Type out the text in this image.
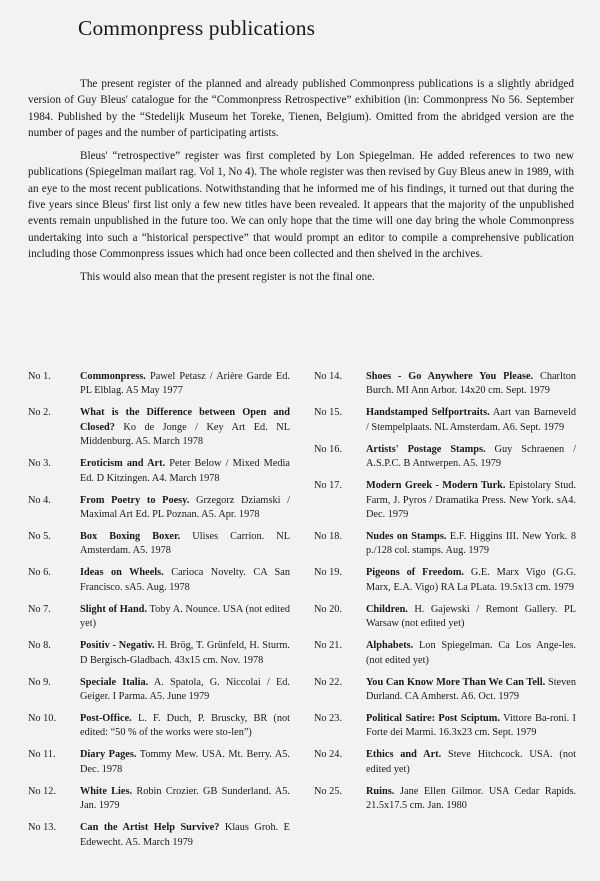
Commonpress publications

The present register of the planned and already published Commonpress publications is a slightly abridged version of Guy Bleus' catalogue for the “Commonpress Retrospective” exhibition (in: Commonpress No 56. September 1984. Published by the “Stedelijk Museum het Toreke, Tienen, Belgium). Omitted from the abridged version are the number of pages and the number of participating artists.

Bleus' “retrospective” register was first completed by Lon Spiegelman. He added references to two new publications (Spiegelman mailart rag. Vol 1, No 4). The whole register was then revised by Guy Bleus anew in 1989, with an eye to the most recent publications. Notwithstanding that he informed me of his findings, it turned out that during the five years since Bleus' first list only a few new titles have been revealed. It appears that the majority of the unpublished events remain unpublished in the future too. We can only hope that the time will one day bring the whole Commonpress undertaking into such a “historical perspective” that would prompt an editor to compile a comprehensive publication including those Commonpress issues which had once been collected and then shelved in the archives.

This would also mean that the present register is not the final one.

No 1.	Commonpress. Pawel Petasz / Arière Garde Ed. PL Elblag. A5 May 1977
No 2.	What is the Difference between Open and Closed? Ko de Jonge / Key Art Ed. NL Middenburg. A5. March 1978
No 3.	Eroticism and Art. Peter Below / Mixed Media Ed. D Kitzingen. A4. March 1978
No 4.	From Poetry to Poesy. Grzegorz Dziamski / Maximal Art Ed. PL Poznan. A5. Apr. 1978
No 5.	Box Boxing Boxer. Ulises Carrion. NL Amsterdam. A5. 1978
No 6.	Ideas on Wheels. Carioca Novelty. CA San Francisco. sA5. Aug. 1978
No 7.	Slight of Hand. Toby A. Nounce. USA (not edited yet)
No 8.	Positiv - Negativ. H. Brög, T. Grünfeld, H. Sturm. D Bergisch-Gladbach. 43x15 cm. Nov. 1978
No 9.	Speciale Italia. A. Spatola, G. Niccolai / Ed. Geiger. I Parma. A5. June 1979
No 10.	Post-Office. L. F. Duch, P. Bruscky, BR (not edited: “50 % of the works were sto-len”)
No 11.	Diary Pages. Tommy Mew. USA. Mt. Berry. A5. Dec. 1978
No 12.	White Lies. Robin Crozier. GB Sunderland. A5. Jan. 1979
No 13.	Can the Artist Help Survive? Klaus Groh. E Edewecht. A5. March 1979
No 14.	Shoes - Go Anywhere You Please. Charlton Burch. MI Ann Arbor. 14x20 cm. Sept. 1979
No 15.	Handstamped Selfportraits. Aart van Barneveld / Stempelplaats. NL Amsterdam. A6. Sept. 1979
No 16.	Artists' Postage Stamps. Guy Schraenen / A.S.P.C. B Antwerpen. A5. 1979
No 17.	Modern Greek - Modern Turk. Epistolary Stud. Farm, J. Pyros / Dramatika Press. New York. sA4. Dec. 1979
No 18.	Nudes on Stamps. E.F. Higgins III. New York. 8 p./128 col. stamps. Aug. 1979
No 19.	Pigeons of Freedom. G.E. Marx Vigo (G.G. Marx, E.A. Vigo) RA La PLata. 19.5x13 cm. 1979
No 20.	Children. H. Gajewski / Remont Gallery. PL Warsaw (not edited yet)
No 21.	Alphabets. Lon Spiegelman. Ca Los Ange-les. (not edited yet)
No 22.	You Can Know More Than We Can Tell. Steven Durland. CA Amherst. A6. Oct. 1979
No 23.	Political Satire: Post Sciptum. Vittore Ba-roni. I Forte dei Marmi. 16.3x23 cm. Sept. 1979
No 24.	Ethics and Art. Steve Hitchcock. USA. (not edited yet)
No 25.	Ruins. Jane Ellen Gilmor. USA Cedar Rapids. 21.5x17.5 cm. Jan. 1980
